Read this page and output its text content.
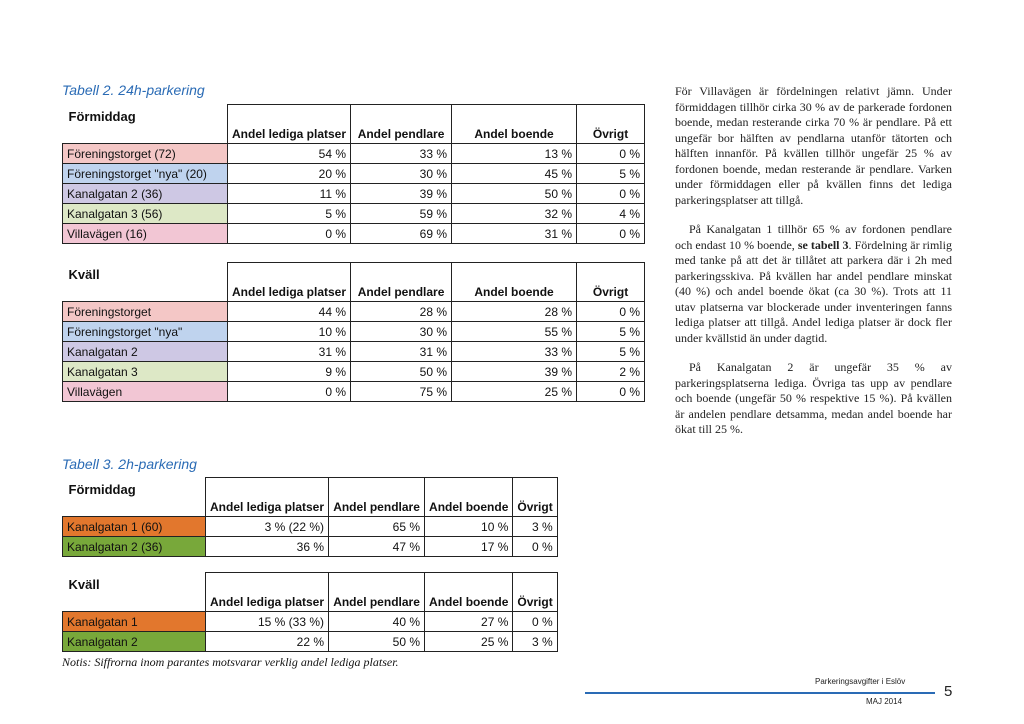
Tabell 2. 24h-parkering
Förmiddag				
	Andel lediga platser	Andel pendlare	Andel boende	Övrigt
Föreningstorget (72)	54 %	33 %	13 %	0 %
Föreningstorget "nya" (20)	20 %	30 %	45 %	5 %
Kanalgatan 2 (36)	11 %	39 %	50 %	0 %
Kanalgatan 3 (56)	5 %	59 %	32 %	4 %
Villavägen (16)	0 %	69 %	31 %	0 %
Kväll				
	Andel lediga platser	Andel pendlare	Andel boende	Övrigt
Föreningstorget	44 %	28 %	28 %	0 %
Föreningstorget "nya"	10 %	30 %	55 %	5 %
Kanalgatan 2	31 %	31 %	33 %	5 %
Kanalgatan 3	9 %	50 %	39 %	2 %
Villavägen	0 %	75 %	25 %	0 %
Tabell 3. 2h-parkering
Förmiddag				
	Andel lediga platser	Andel pendlare	Andel boende	Övrigt
Kanalgatan 1 (60)	3 % (22 %)	65 %	10 %	3 %
Kanalgatan 2 (36)	36 %	47 %	17 %	0 %
Kväll				
	Andel lediga platser	Andel pendlare	Andel boende	Övrigt
Kanalgatan 1	15 % (33 %)	40 %	27 %	0 %
Kanalgatan 2	22 %	50 %	25 %	3 %
Notis: Siffrorna inom parantes motsvarar verklig andel lediga platser.

För Villavägen är fördelningen relativt jämn. Under förmiddagen tillhör cirka 30 % av de parkerade fordonen boende, medan resterande cirka 70 % är pendlare. På ett ungefär bor hälften av pendlarna utanför tätorten och hälften innanför. På kvällen tillhör ungefär 25 % av fordonen boende, medan resterande är pendlare. Varken under förmiddagen eller på kvällen finns det lediga parkeringsplatser att tillgå.

På Kanalgatan 1 tillhör 65 % av fordonen pendlare och endast 10 % boende, se tabell 3. Fördelning är rimlig med tanke på att det är tillåtet att parkera där i 2h med parkeringsskiva. På kvällen har andel pendlare minskat (40 %) och andel boende ökat (ca 30 %). Trots att 11 utav platserna var blockerade under inventeringen fanns lediga platser att tillgå. Andel lediga platser är dock fler under kvällstid än under dagtid.

På Kanalgatan 2 är ungefär 35 % av parkeringsplatserna lediga. Övriga tas upp av pendlare och boende (ungefär 50 % respektive 15 %). På kvällen är andelen pendlare detsamma, medan andel boende har ökat till 25 %.

Parkeringsavgifter i Eslöv
MAJ 2014
5
